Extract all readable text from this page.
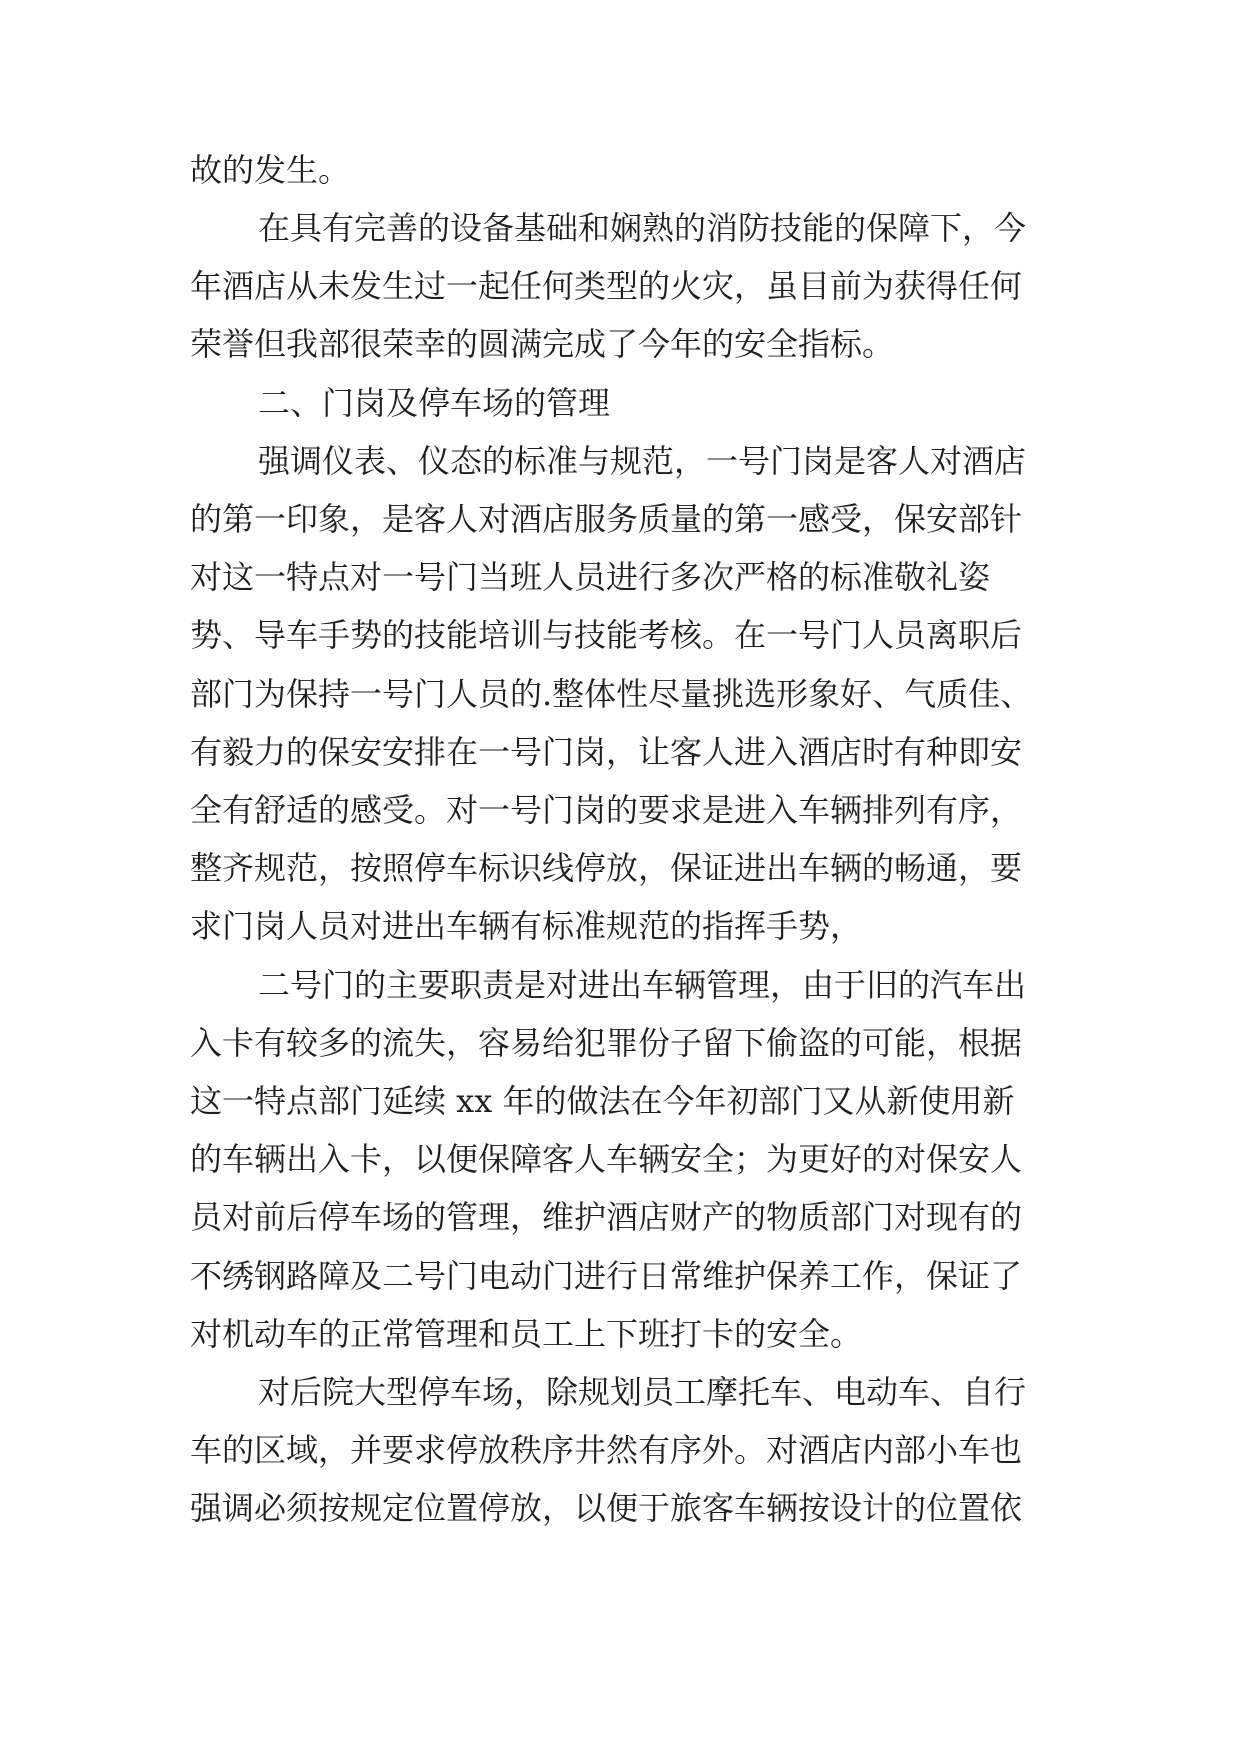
故的发生。
在具有完善的设备基础和娴熟的消防技能的保障下，今
年酒店从未发生过一起任何类型的火灾，虽目前为获得任何
荣誉但我部很荣幸的圆满完成了今年的安全指标。
二、门岗及停车场的管理
强调仪表、仪态的标准与规范，一号门岗是客人对酒店
的第一印象，是客人对酒店服务质量的第一感受，保安部针
对这一特点对一号门当班人员进行多次严格的标准敬礼姿
势、导车手势的技能培训与技能考核。在一号门人员离职后
部门为保持一号门人员的.整体性尽量挑选形象好、气质佳、
有毅力的保安安排在一号门岗，让客人进入酒店时有种即安
全有舒适的感受。对一号门岗的要求是进入车辆排列有序，
整齐规范，按照停车标识线停放，保证进出车辆的畅通，要
求门岗人员对进出车辆有标准规范的指挥手势，
二号门的主要职责是对进出车辆管理，由于旧的汽车出
入卡有较多的流失，容易给犯罪份子留下偷盗的可能，根据
这一特点部门延续 xx 年的做法在今年初部门又从新使用新
的车辆出入卡，以便保障客人车辆安全；为更好的对保安人
员对前后停车场的管理，维护酒店财产的物质部门对现有的
不绣钢路障及二号门电动门进行日常维护保养工作，保证了
对机动车的正常管理和员工上下班打卡的安全。
对后院大型停车场，除规划员工摩托车、电动车、自行
车的区域，并要求停放秩序井然有序外。对酒店内部小车也
强调必须按规定位置停放，以便于旅客车辆按设计的位置依
